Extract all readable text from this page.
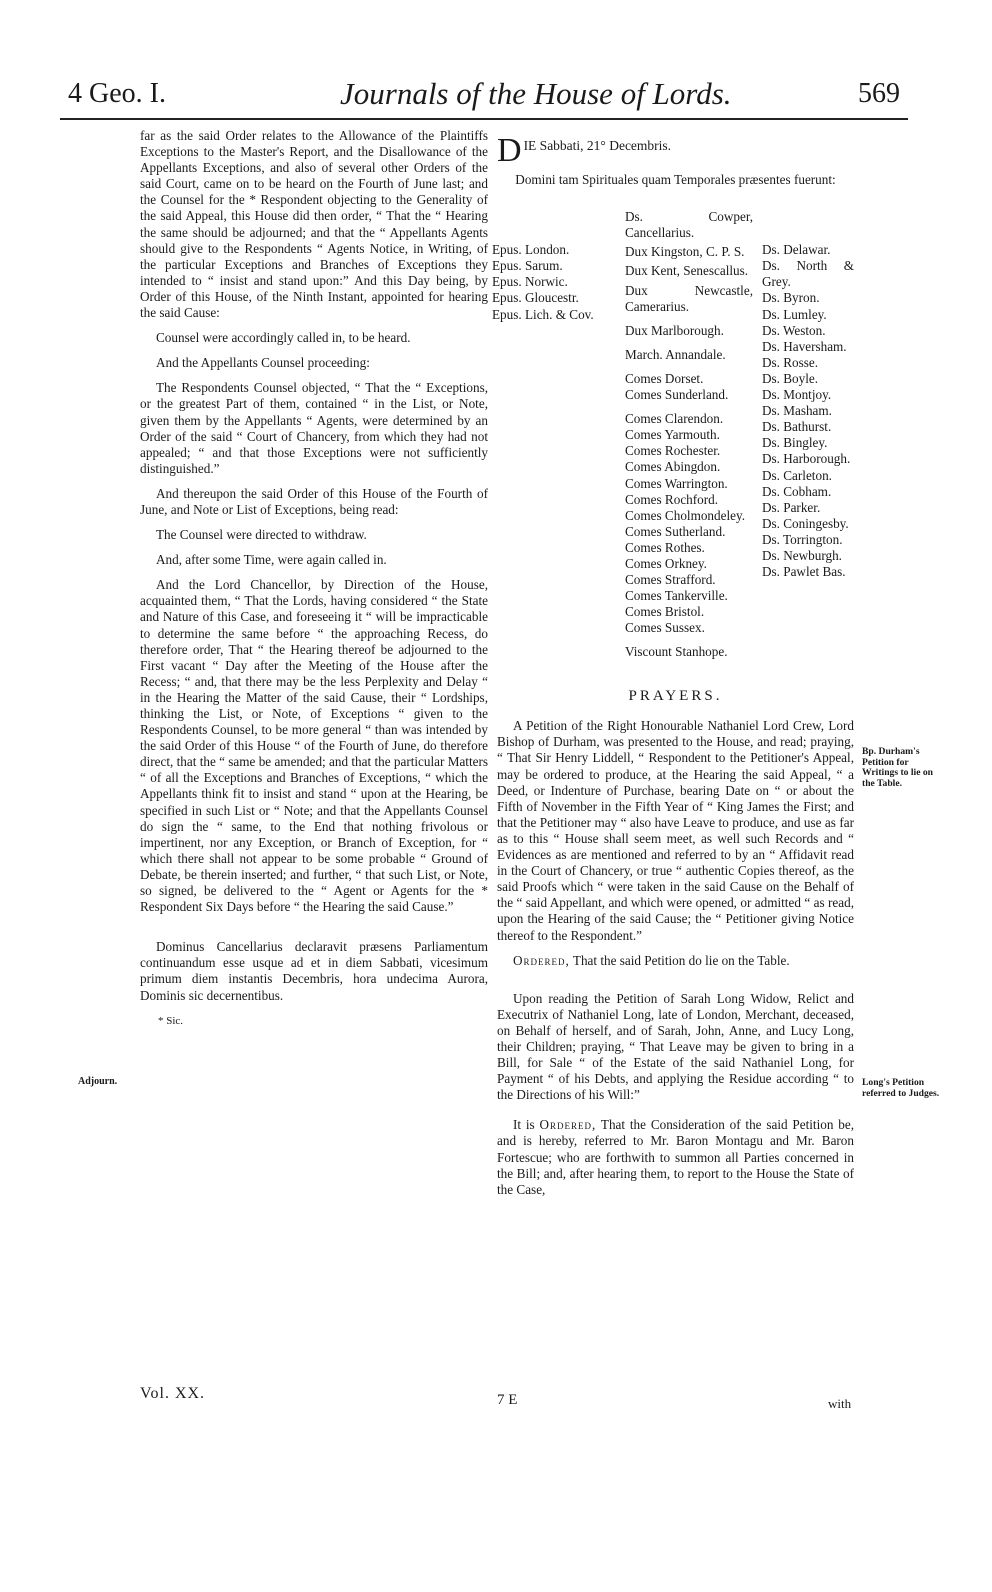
4 Geo. I.	Journals of the House of Lords.	569

far as the said Order relates to the Allowance of the Plaintiffs Exceptions to the Master's Report, and the Disallowance of the Appellants Exceptions, and also of several other Orders of the said Court, came on to be heard on the Fourth of June last; and the Counsel for the * Respondent objecting to the Generality of the said Appeal, this House did then order, “ That the “ Hearing the same should be adjourned; and that the “ Appellants Agents should give to the Respondents “ Agents Notice, in Writing, of the particular Exceptions and Branches of Exceptions they intended to “ insist and stand upon:” And this Day being, by Order of this House, of the Ninth Instant, appointed for hearing the said Cause:

Counsel were accordingly called in, to be heard.

And the Appellants Counsel proceeding:

The Respondents Counsel objected, “ That the “ Exceptions, or the greatest Part of them, contained “ in the List, or Note, given them by the Appellants “ Agents, were determined by an Order of the said “ Court of Chancery, from which they had not appealed; “ and that those Exceptions were not sufficiently distinguished.”

And thereupon the said Order of this House of the Fourth of June, and Note or List of Exceptions, being read:

The Counsel were directed to withdraw.

And, after some Time, were again called in.

And the Lord Chancellor, by Direction of the House, acquainted them, “ That the Lords, having considered “ the State and Nature of this Case, and foreseeing it “ will be impracticable to determine the same before “ the approaching Recess, do therefore order, That “ the Hearing thereof be adjourned to the First vacant “ Day after the Meeting of the House after the Recess; “ and, that there may be the less Perplexity and Delay “ in the Hearing the Matter of the said Cause, their “ Lordships, thinking the List, or Note, of Exceptions “ given to the Respondents Counsel, to be more general “ than was intended by the said Order of this House “ of the Fourth of June, do therefore direct, that the “ same be amended; and that the particular Matters “ of all the Exceptions and Branches of Exceptions, “ which the Appellants think fit to insist and stand “ upon at the Hearing, be specified in such List or “ Note; and that the Appellants Counsel do sign the “ same, to the End that nothing frivolous or impertinent, nor any Exception, or Branch of Exception, for “ which there shall not appear to be some probable “ Ground of Debate, be therein inserted; and further, “ that such List, or Note, so signed, be delivered to the “ Agent or Agents for the * Respondent Six Days before “ the Hearing the said Cause.”

Dominus Cancellarius declaravit præsens Parliamentum continuandum esse usque ad et in diem Sabbati, vicesimum primum diem instantis Decembris, hora undecima Aurora, Dominis sic decernentibus.

* Sic.

Adjourn.
D IE Sabbati, 21° Decembris.

Domini tam Spirituales quam Temporales præsentes fuerunt:

Epus. London.
Epus. Sarum.
Epus. Norwic.
Epus. Gloucestr.
Epus. Lich. & Cov.
Ds. Cowper, Cancellarius.
Dux Kingston, C. P. S.
Dux Kent, Senescallus.
Dux Newcastle, Camerarius.
Dux Marlborough.
March. Annandale.
Comes Dorset.
Comes Sunderland.
Comes Clarendon.
Comes Yarmouth.
Comes Rochester.
Comes Abingdon.
Comes Warrington.
Comes Rochford.
Comes Cholmondeley.
Comes Sutherland.
Comes Rothes.
Comes Orkney.
Comes Strafford.
Comes Tankerville.
Comes Bristol.
Comes Sussex.
Viscount Stanhope.
Ds. Delawar.
Ds. North & Grey.
Ds. Byron.
Ds. Lumley.
Ds. Weston.
Ds. Haversham.
Ds. Rosse.
Ds. Boyle.
Ds. Montjoy.
Ds. Masham.
Ds. Bathurst.
Ds. Bingley.
Ds. Harborough.
Ds. Carleton.
Ds. Cobham.
Ds. Parker.
Ds. Coningesby.
Ds. Torrington.
Ds. Newburgh.
Ds. Pawlet Bas.
PRAYERS.

A Petition of the Right Honourable Nathaniel Lord Crew, Lord Bishop of Durham, was presented to the House, and read; praying, “ That Sir Henry Liddell, “ Respondent to the Petitioner's Appeal, may be ordered to produce, at the Hearing the said Appeal, “ a Deed, or Indenture of Purchase, bearing Date on “ or about the Fifth of November in the Fifth Year of “ King James the First; and that the Petitioner may “ also have Leave to produce, and use as far as to this “ House shall seem meet, as well such Records and “ Evidences as are mentioned and referred to by an “ Affidavit read in the Court of Chancery, or true “ authentic Copies thereof, as the said Proofs which “ were taken in the said Cause on the Behalf of the “ said Appellant, and which were opened, or admitted “ as read, upon the Hearing of the said Cause; the “ Petitioner giving Notice thereof to the Respondent.”

Ordered, That the said Petition do lie on the Table.

Upon reading the Petition of Sarah Long Widow, Relict and Executrix of Nathaniel Long, late of London, Merchant, deceased, on Behalf of herself, and of Sarah, John, Anne, and Lucy Long, their Children; praying, “ That Leave may be given to bring in a Bill, for Sale “ of the Estate of the said Nathaniel Long, for Payment “ of his Debts, and applying the Residue according “ to the Directions of his Will:”

It is Ordered, That the Consideration of the said Petition be, and is hereby, referred to Mr. Baron Montagu and Mr. Baron Fortescue; who are forthwith to summon all Parties concerned in the Bill; and, after hearing them, to report to the House the State of the Case,

Bp. Durham's Petition for Writings to lie on the Table.
Long's Petition referred to Judges.
Vol. XX.	7 E	with
